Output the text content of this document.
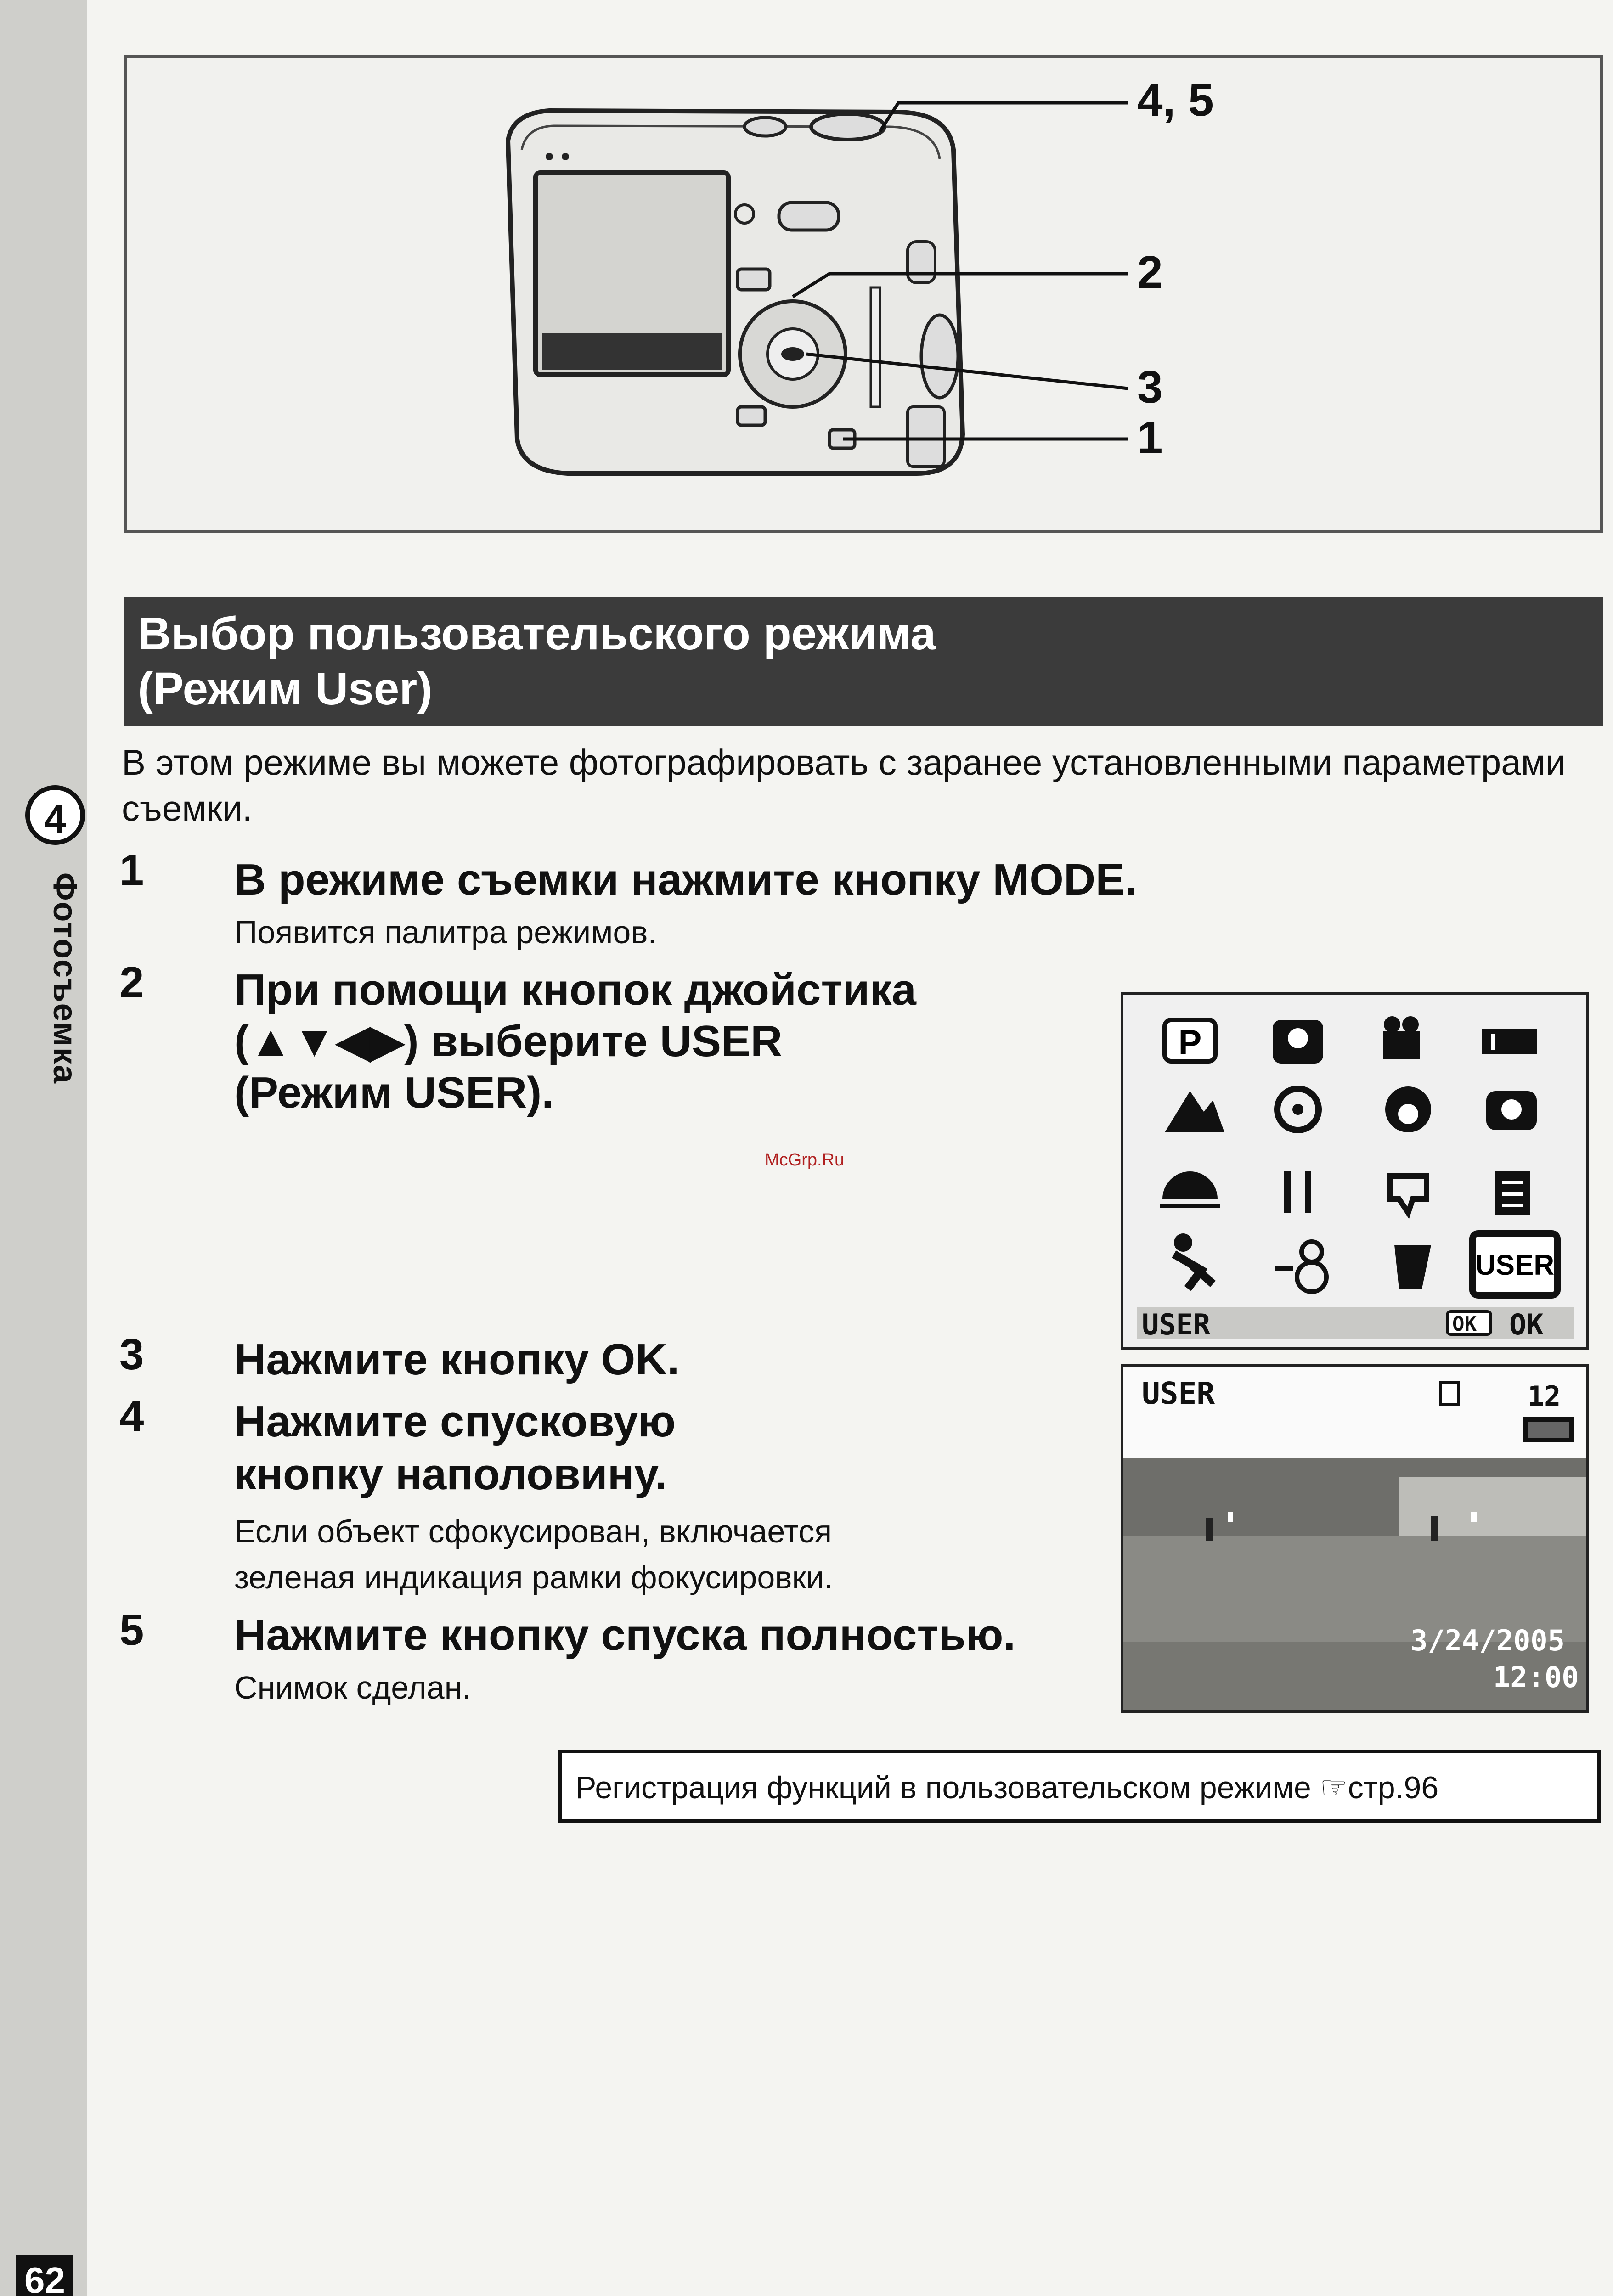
4
Фотосъемка
62
4, 5
2
3
1

Выбор пользовательского режима

(Режим User)

В этом режиме вы можете фотографировать с заранее установленными параметрами съемки.

1 В режиме съемки нажмите кнопку MODE.
Появится палитра режимов.
2 При помощи кнопок джойстика
(▲▼◀▶) выберите USER
(Режим USER).
P
USER
USER	OK OK
3 Нажмите кнопку OK.
4 Нажмите спусковую
кнопку наполовину.
Если объект сфокусирован, включается
зеленая индикация рамки фокусировки.
5 Нажмите кнопку спуска полностью.
Снимок сделан.
USER	12
3/24/2005
12:00
Регистрация функций в пользовательском режиме ☞стр.96
McGrp.Ru
